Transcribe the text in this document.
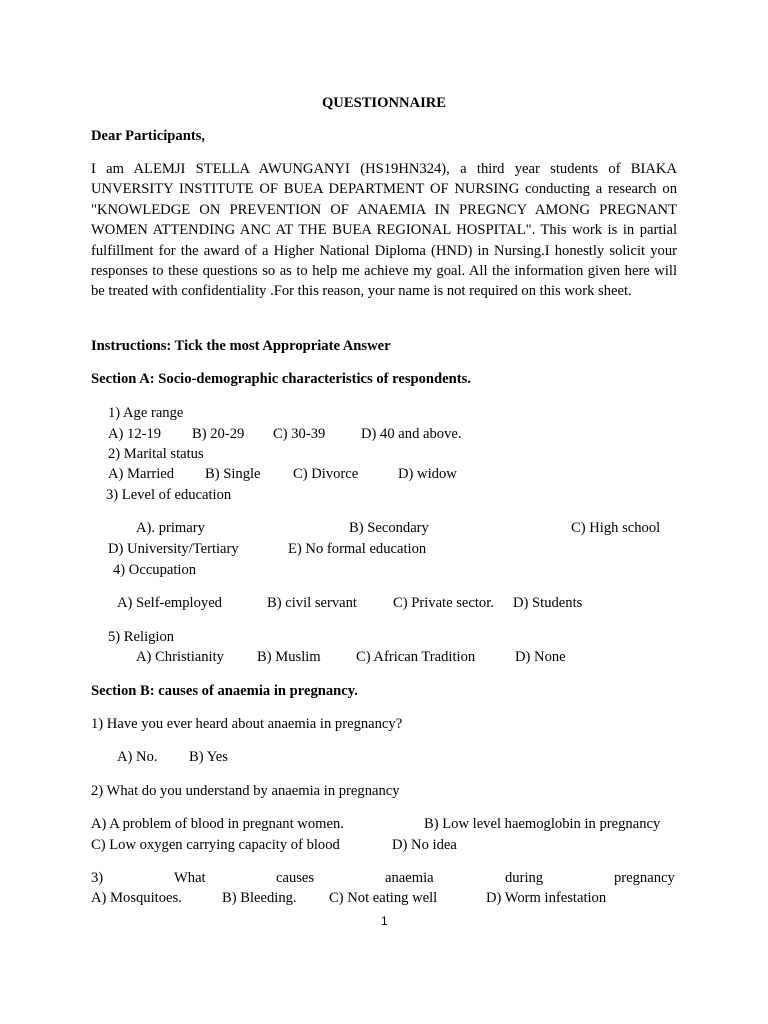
QUESTIONNAIRE
Dear Participants,
I am ALEMJI STELLA AWUNGANYI (HS19HN324), a third year students of BIAKA UNVERSITY INSTITUTE OF BUEA DEPARTMENT OF NURSING conducting a research on "KNOWLEDGE ON PREVENTION OF ANAEMIA IN PREGNCY AMONG PREGNANT WOMEN ATTENDING ANC AT THE BUEA REGIONAL HOSPITAL". This work is in partial fulfillment for the award of a Higher National Diploma (HND) in Nursing.I honestly solicit your responses to these questions so as to help me achieve my goal. All the information given here will be treated with confidentiality .For this reason, your name is not required on this work sheet.
Instructions: Tick the most Appropriate Answer
Section A: Socio-demographic characteristics of respondents.
1) Age range
A) 12-19 B) 20-29 C) 30-39 D) 40 and above.
2) Marital status
A) Married B) Single C) Divorce	D) widow
3) Level of education
A). primary	B) Secondary	C) High school
D) University/Tertiary	E) No formal education
4) Occupation
A) Self-employed	B) civil servant C) Private sector. D) Students
5) Religion
A) Christianity B) Muslim C) African Tradition	D) None
Section B: causes of anaemia in pregnancy.
1) Have you ever heard about anaemia in pregnancy?
A) No. B) Yes
2) What do you understand by anaemia in pregnancy
A) A problem of blood in pregnant women.	B) Low level haemoglobin in pregnancy
C) Low oxygen carrying capacity of blood	D) No idea
3)	What	causes	anaemia	during	pregnancy
A) Mosquitoes.	B) Bleeding. C) Not eating well	D) Worm infestation
1
